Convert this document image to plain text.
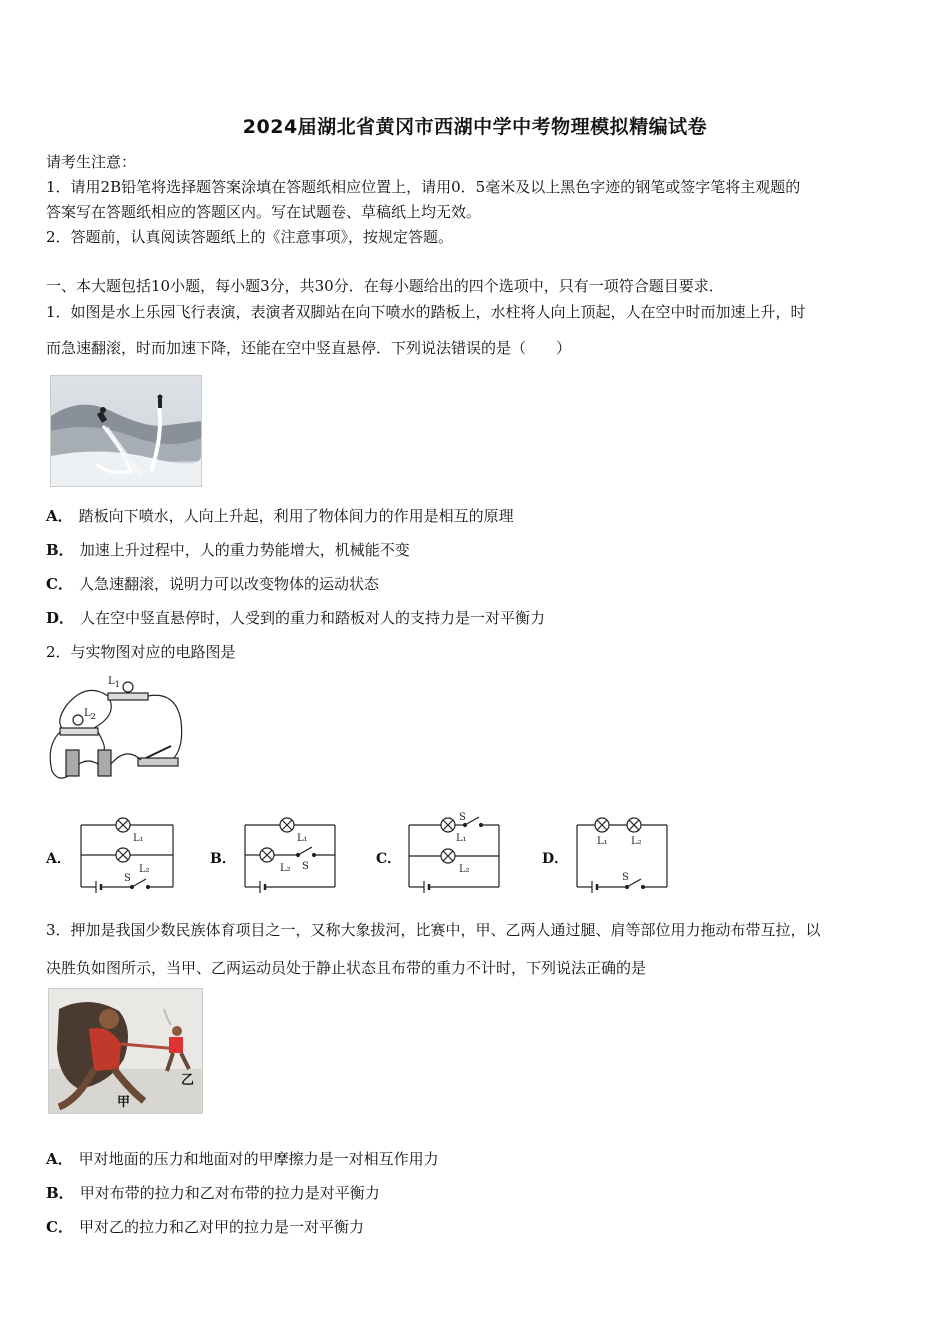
2024届湖北省黄冈市西湖中学中考物理模拟精编试卷
请考生注意：
1．请用2B铅笔将选择题答案涂填在答题纸相应位置上，请用0．5毫米及以上黑色字迹的钢笔或签字笔将主观题的
答案写在答题纸相应的答题区内。写在试题卷、草稿纸上均无效。
2．答题前，认真阅读答题纸上的《注意事项》，按规定答题。
一、本大题包括10小题，每小题3分，共30分．在每小题给出的四个选项中，只有一项符合题目要求．
1．如图是水上乐园飞行表演，表演者双脚站在向下喷水的踏板上，水柱将人向上顶起，人在空中时而加速上升，时
而急速翻滚，时而加速下降，还能在空中竖直悬停．下列说法错误的是（　　）
A． 踏板向下喷水，人向上升起，利用了物体间力的作用是相互的原理
B． 加速上升过程中，人的重力势能增大，机械能不变
C． 人急速翻滚，说明力可以改变物体的运动状态
D． 人在空中竖直悬停时，人受到的重力和踏板对人的支持力是一对平衡力
2．与实物图对应的电路图是
$L_1$
$L_2$
A．
L₁
L₂
S
B．
L₁
L₂ S	C．
L₁
S
L₂
D．
L₁ L₂
S
3．押加是我国少数民族体育项目之一，又称大象拔河，比赛中，甲、乙两人通过腿、肩等部位用力拖动布带互拉，以
决胜负如图所示，当甲、乙两运动员处于静止状态且布带的重力不计时，下列说法正确的是
甲
乙
A． 甲对地面的压力和地面对的甲摩擦力是一对相互作用力
B． 甲对布带的拉力和乙对布带的拉力是对平衡力
C． 甲对乙的拉力和乙对甲的拉力是一对平衡力
